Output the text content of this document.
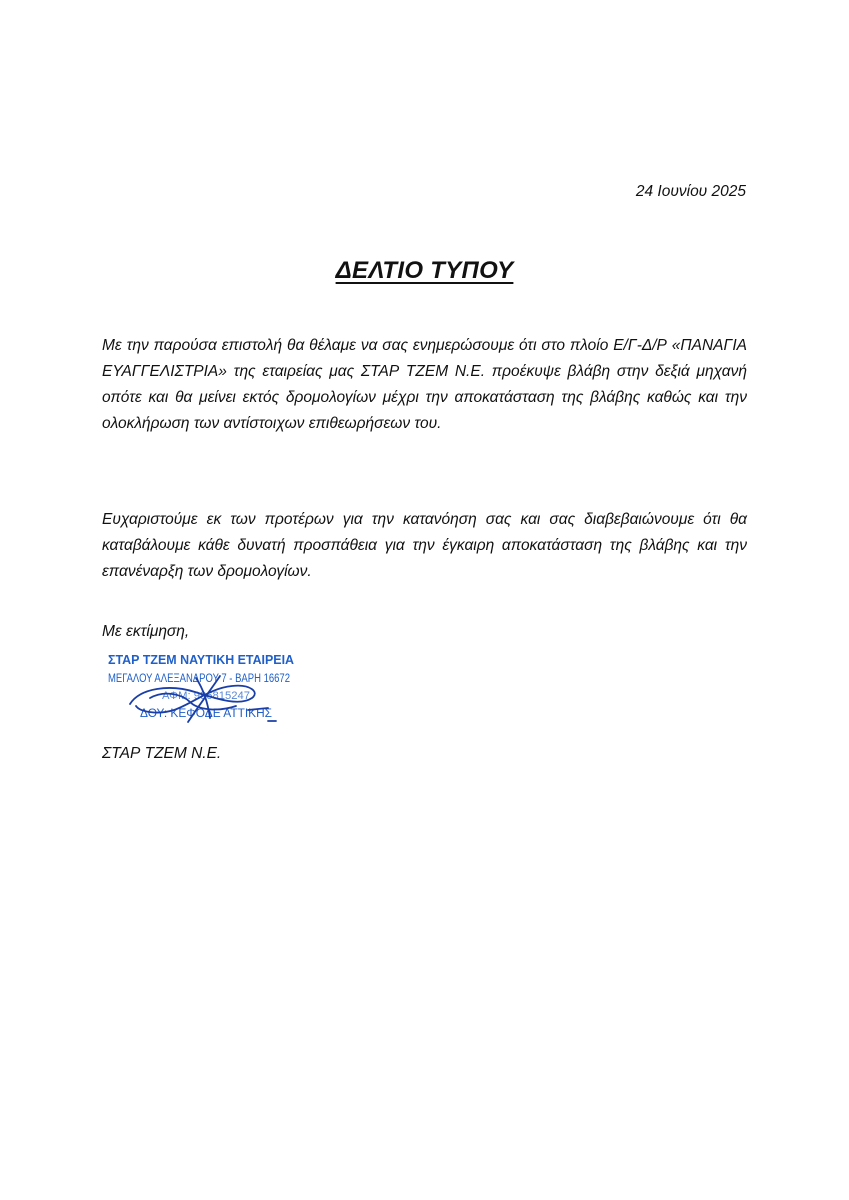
24 Ιουνίου 2025
ΔΕΛΤΙΟ ΤΥΠΟΥ

Με την παρούσα επιστολή θα θέλαμε να σας ενημερώσουμε ότι στο πλοίο Ε/Γ-Δ/Ρ «ΠΑΝΑΓΙΑ ΕΥΑΓΓΕΛΙΣΤΡΙΑ» της εταιρείας μας ΣΤΑΡ ΤΖΕΜ Ν.Ε. προέκυψε βλάβη στην δεξιά μηχανή οπότε και θα μείνει εκτός δρομολογίων μέχρι την αποκατάσταση της βλάβης καθώς και την ολοκλήρωση των αντίστοιχων επιθεωρήσεων του.

Ευχαριστούμε εκ των προτέρων για την κατανόηση σας και σας διαβεβαιώνουμε ότι θα καταβάλουμε κάθε δυνατή προσπάθεια για την έγκαιρη αποκατάσταση της βλάβης και την επανέναρξη των δρομολογίων.

Με εκτίμηση,
ΣΤΑΡ ΤΖΕΜ ΝΑΥΤΙΚΗ ΕΤΑΙΡΕΙΑ
ΜΕΓΑΛΟΥ ΑΛΕΞΑΝΔΡΟΥ 7 - ΒΑΡΗ 16672
ΑΦΜ: 996815247
ΔΟΥ: ΚΕΦΟΔΕ ΑΤΤΙΚΗΣ
ΣΤΑΡ ΤΖΕΜ Ν.Ε.
